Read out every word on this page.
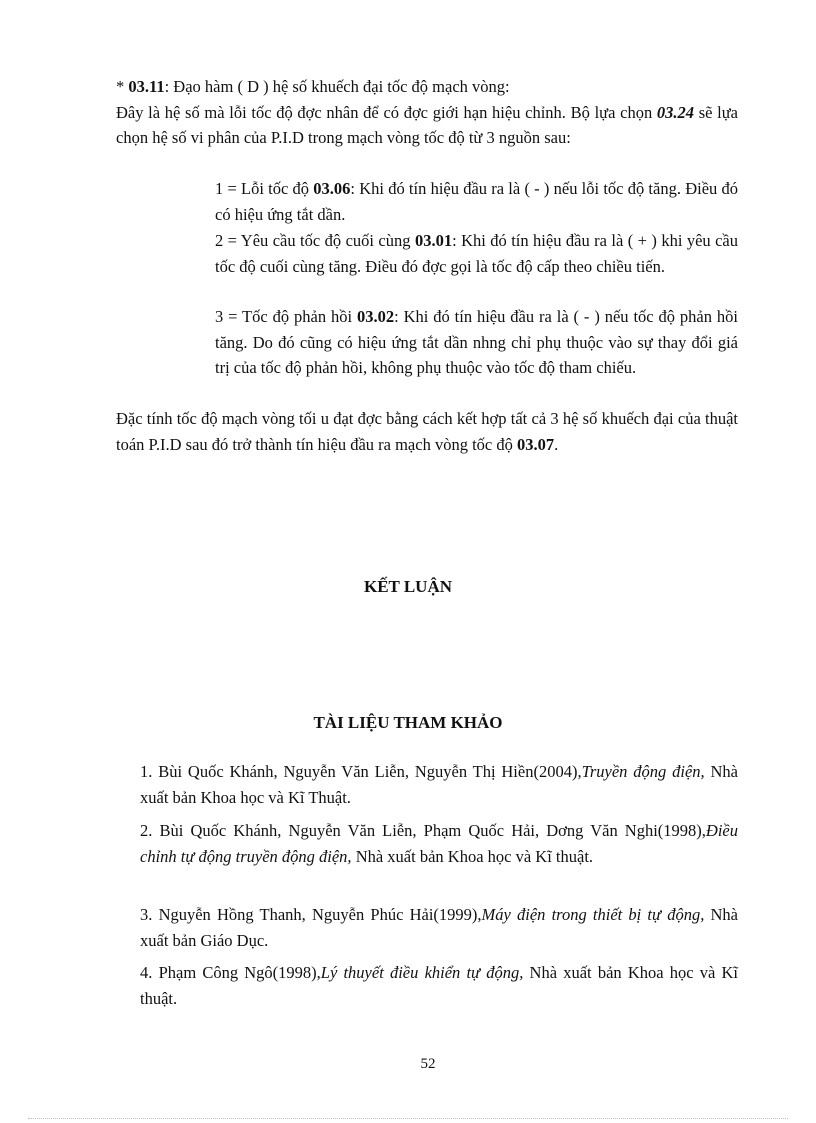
* 03.11: Đạo hàm ( D ) hệ số khuếch đại tốc độ mạch vòng:
Đây là hệ số mà lỗi tốc độ đợc nhân để có đợc giới hạn hiệu chỉnh. Bộ lựa chọn 03.24 sẽ lựa chọn hệ số vi phân của P.I.D trong mạch vòng tốc độ từ 3 nguồn sau:

1 = Lỗi tốc độ 03.06: Khi đó tín hiệu đầu ra là ( - ) nếu lỗi tốc độ tăng. Điều đó có hiệu ứng tắt dần.

2 = Yêu cầu tốc độ cuối cùng 03.01: Khi đó tín hiệu đầu ra là ( + ) khi yêu cầu tốc độ cuối cùng tăng. Điều đó đợc gọi là tốc độ cấp theo chiều tiến.

3 = Tốc độ phản hồi 03.02: Khi đó tín hiệu đầu ra là ( - ) nếu tốc độ phản hồi tăng. Do đó cũng có hiệu ứng tắt dần nhng chỉ phụ thuộc vào sự thay đổi giá trị của tốc độ phản hồi, không phụ thuộc vào tốc độ tham chiếu.

Đặc tính tốc độ mạch vòng tối u đạt đợc bằng cách kết hợp tất cả 3 hệ số khuếch đại của thuật toán P.I.D sau đó trở thành tín hiệu đầu ra mạch vòng tốc độ 03.07.

KẾT LUẬN
TÀI LIỆU THAM KHẢO

1. Bùi Quốc Khánh, Nguyễn Văn Liễn, Nguyễn Thị Hiền(2004),Truyền động điện, Nhà xuất bản Khoa học và Kĩ Thuật.

2. Bùi Quốc Khánh, Nguyễn Văn Liễn, Phạm Quốc Hải, Dơng Văn Nghi(1998),Điều chỉnh tự động truyền động điện, Nhà xuất bản Khoa học và Kĩ thuật.

3. Nguyễn Hồng Thanh, Nguyễn Phúc Hải(1999),Máy điện trong thiết bị tự động, Nhà xuất bản Giáo Dục.

4. Phạm Công Ngô(1998),Lý thuyết điều khiển tự động, Nhà xuất bản Khoa học và Kĩ thuật.

52
